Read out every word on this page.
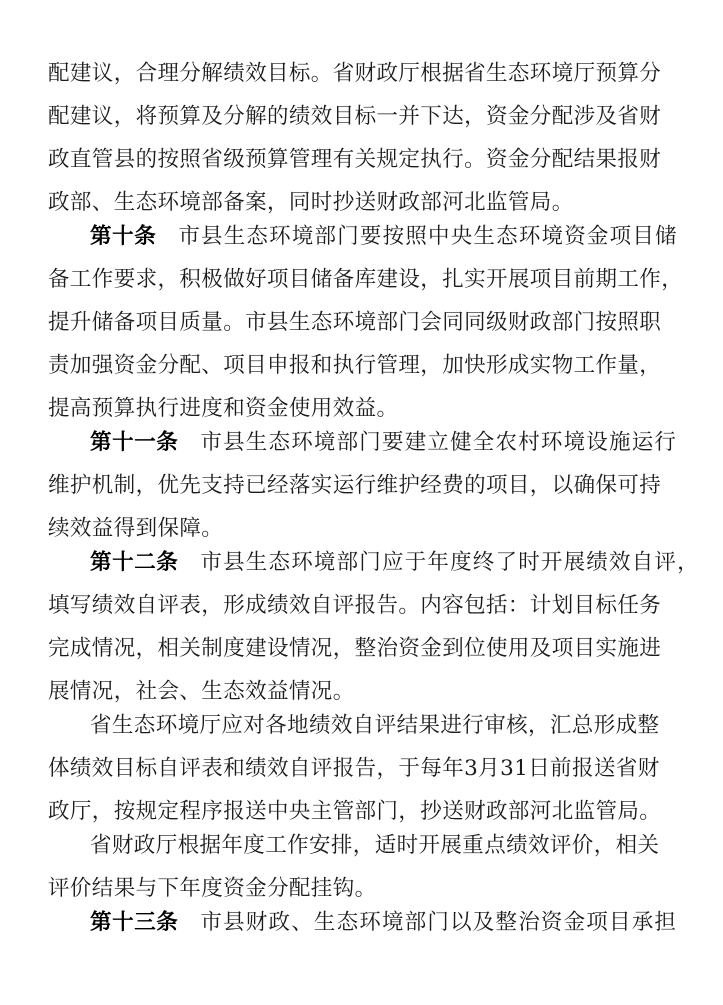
配建议，合理分解绩效目标。省财政厅根据省生态环境厅预算分
配建议，将预算及分解的绩效目标一并下达，资金分配涉及省财
政直管县的按照省级预算管理有关规定执行。资金分配结果报财
政部、生态环境部备案，同时抄送财政部河北监管局。
第十条 市县生态环境部门要按照中央生态环境资金项目储
备工作要求，积极做好项目储备库建设，扎实开展项目前期工作，
提升储备项目质量。市县生态环境部门会同同级财政部门按照职
责加强资金分配、项目申报和执行管理，加快形成实物工作量，
提高预算执行进度和资金使用效益。
第十一条 市县生态环境部门要建立健全农村环境设施运行
维护机制，优先支持已经落实运行维护经费的项目，以确保可持
续效益得到保障。
第十二条 市县生态环境部门应于年度终了时开展绩效自评，
填写绩效自评表，形成绩效自评报告。内容包括：计划目标任务
完成情况，相关制度建设情况，整治资金到位使用及项目实施进
展情况，社会、生态效益情况。
省生态环境厅应对各地绩效自评结果进行审核，汇总形成整
体绩效目标自评表和绩效自评报告，于每年3月31日前报送省财
政厅，按规定程序报送中央主管部门，抄送财政部河北监管局。
省财政厅根据年度工作安排，适时开展重点绩效评价，相关
评价结果与下年度资金分配挂钩。
第十三条 市县财政、生态环境部门以及整治资金项目承担
